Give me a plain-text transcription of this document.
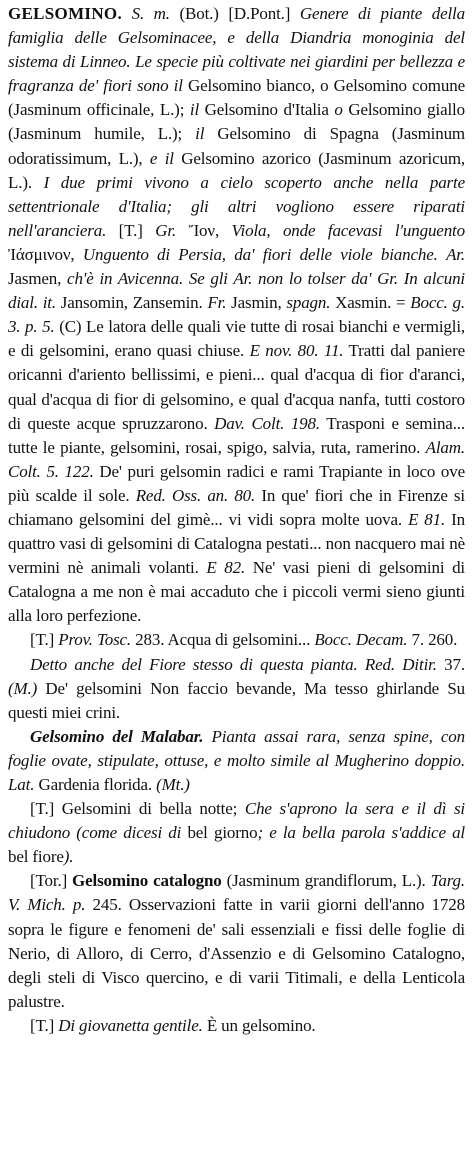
GELSOMINO. S. m. (Bot.) [D.Pont.] Genere di piante della famiglia delle Gelsominacee, e della Diandria monoginia del sistema di Linneo. Le specie più coltivate nei giardini per bellezza e fragranza de' fiori sono il Gelsomino bianco, o Gelsomino comune (Jasminum officinale, L.); il Gelsomino d'Italia o Gelsomino giallo (Jasminum humile, L.); il Gelsomino di Spagna (Jasminum odoratissimum, L.), e il Gelsomino azorico (Jasminum azoricum, L.). I due primi vivono a cielo scoperto anche nella parte settentrionale d'Italia; gli altri vogliono essere riparati nell'aranciera. [T.] Gr. Ἴον, Viola, onde facevasi l'unguento Ἰάσμινον, Unguento di Persia, da' fiori delle viole bianche. Ar. Jasmen, ch'è in Avicenna. Se gli Ar. non lo tolser da' Gr. In alcuni dial. it. Jansomin, Zansemin. Fr. Jasmin, spagn. Xasmin. = Bocc. g. 3. p. 5. (C) Le latora delle quali vie tutte di rosai bianchi e vermigli, e di gelsomini, erano quasi chiuse. E nov. 80. 11. Tratti dal paniere oricanni d'ariento bellissimi, e pieni... qual d'acqua di fior d'aranci, qual d'acqua di fior di gelsomino, e qual d'acqua nanfa, tutti costoro di queste acque spruzzarono. Dav. Colt. 198. Trasponi e semina... tutte le piante, gelsomini, rosai, spigo, salvia, ruta, ramerino. Alam. Colt. 5. 122. De' puri gelsomin radici e rami Trapiante in loco ove più scalde il sole. Red. Oss. an. 80. In que' fiori che in Firenze si chiamano gelsomini del gimè... vi vidi sopra molte uova. E 81. In quattro vasi di gelsomini di Catalogna pestati... non nacquero mai nè vermini nè animali volanti. E 82. Ne' vasi pieni di gelsomini di Catalogna a me non è mai accaduto che i piccoli vermi sieno giunti alla loro perfezione.

[T.] Prov. Tosc. 283. Acqua di gelsomini... Bocc. Decam. 7. 260.

Detto anche del Fiore stesso di questa pianta. Red. Ditir. 37. (M.) De' gelsomini Non faccio bevande, Ma tesso ghirlande Su questi miei crini.

Gelsomino del Malabar. Pianta assai rara, senza spine, con foglie ovate, stipulate, ottuse, e molto simile al Mugherino doppio. Lat. Gardenia florida. (Mt.)

[T.] Gelsomini di bella notte; Che s'aprono la sera e il dì si chiudono (come dicesi di bel giorno; e la bella parola s'addice al bel fiore).

[Tor.] Gelsomino catalogno (Jasminum grandiflorum, L.). Targ. V. Mich. p. 245. Osservazioni fatte in varii giorni dell'anno 1728 sopra le figure e fenomeni de' sali essenziali e fissi delle foglie di Nerio, di Alloro, di Cerro, d'Assenzio e di Gelsomino Catalogno, degli steli di Visco quercino, e di varii Titimali, e della Lenticola palustre.

[T.] Di giovanetta gentile. È un gelsomino.
